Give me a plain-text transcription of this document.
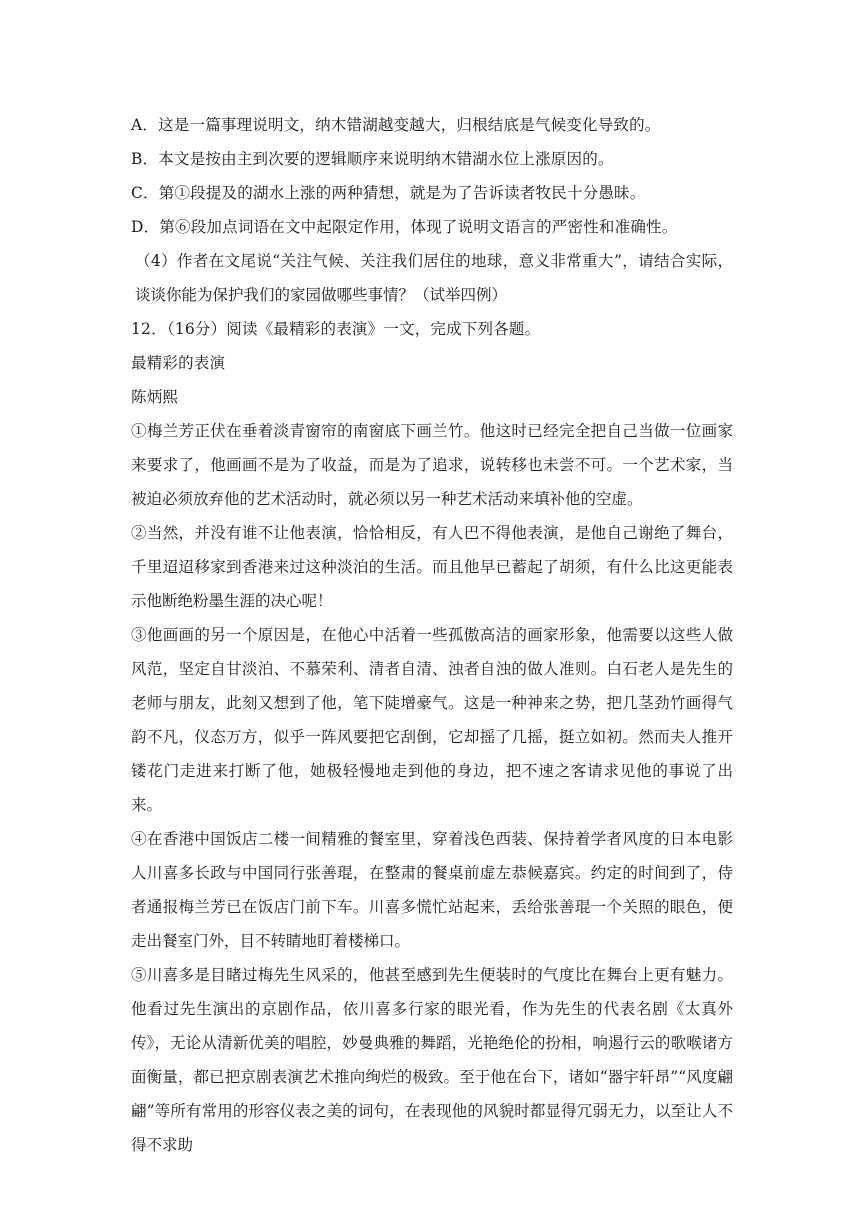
A．这是一篇事理说明文，纳木错湖越变越大，归根结底是气候变化导致的。
B．本文是按由主到次要的逻辑顺序来说明纳木错湖水位上涨原因的。
C．第①段提及的湖水上涨的两种猜想，就是为了告诉读者牧民十分愚昧。
D．第⑥段加点词语在文中起限定作用，体现了说明文语言的严密性和准确性。

（4）作者在文尾说“关注气候、关注我们居住的地球，意义非常重大”，请结合实际，谈谈你能为保护我们的家园做哪些事情？（试举四例）

12．（16分）阅读《最精彩的表演》一文，完成下列各题。
最精彩的表演
陈炳熙

①梅兰芳正伏在垂着淡青窗帘的南窗底下画兰竹。他这时已经完全把自己当做一位画家来要求了，他画画不是为了收益，而是为了追求，说转移也未尝不可。一个艺术家，当被迫必须放弃他的艺术活动时，就必须以另一种艺术活动来填补他的空虚。

②当然，并没有谁不让他表演，恰恰相反，有人巴不得他表演，是他自己谢绝了舞台，千里迢迢移家到香港来过这种淡泊的生活。而且他早已蓄起了胡须，有什么比这更能表示他断绝粉墨生涯的决心呢！

③他画画的另一个原因是，在他心中活着一些孤傲高洁的画家形象，他需要以这些人做风范，坚定自甘淡泊、不慕荣利、清者自清、浊者自浊的做人准则。白石老人是先生的老师与朋友，此刻又想到了他，笔下陡增豪气。这是一种神来之势，把几茎劲竹画得气韵不凡，仪态万方，似乎一阵风要把它刮倒，它却摇了几摇，挺立如初。然而夫人推开镂花门走进来打断了他，她极轻慢地走到他的身边，把不速之客请求见他的事说了出来。

④在香港中国饭店二楼一间精雅的餐室里，穿着浅色西装、保持着学者风度的日本电影人川喜多长政与中国同行张善琨，在整肃的餐桌前虚左恭候嘉宾。约定的时间到了，侍者通报梅兰芳已在饭店门前下车。川喜多慌忙站起来，丢给张善琨一个关照的眼色，便走出餐室门外，目不转睛地盯着楼梯口。

⑤川喜多是目睹过梅先生风采的，他甚至感到先生便装时的气度比在舞台上更有魅力。他看过先生演出的京剧作品，依川喜多行家的眼光看，作为先生的代表名剧《太真外传》，无论从清新优美的唱腔，妙曼典雅的舞蹈，光艳绝伦的扮相，响遏行云的歌喉诸方面衡量，都已把京剧表演艺术推向绚烂的极致。至于他在台下，诸如“器宇轩昂”“风度翩翩”等所有常用的形容仪表之美的词句，在表现他的风貌时都显得冗弱无力，以至让人不得不求助
